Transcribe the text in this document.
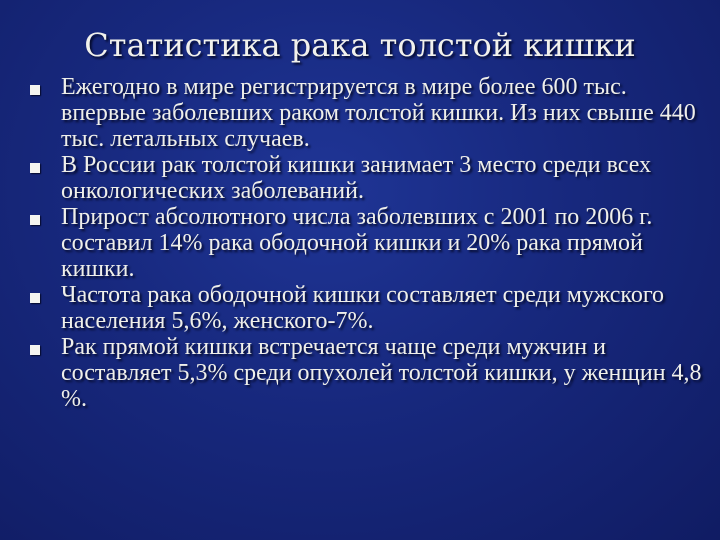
Статистика рака толстой кишки
Ежегодно в мире регистрируется в мире более 600 тыс. впервые заболевших раком толстой кишки. Из них свыше 440 тыс. летальных случаев.
В России рак толстой кишки занимает 3 место среди всех онкологических заболеваний.
Прирост абсолютного числа заболевших с 2001 по 2006 г. составил 14% рака ободочной кишки и 20% рака прямой кишки.
Частота рака ободочной кишки составляет среди мужского населения 5,6%, женского-7%.
Рак прямой кишки встречается чаще среди мужчин и составляет 5,3% среди опухолей толстой кишки, у женщин 4,8 %.
